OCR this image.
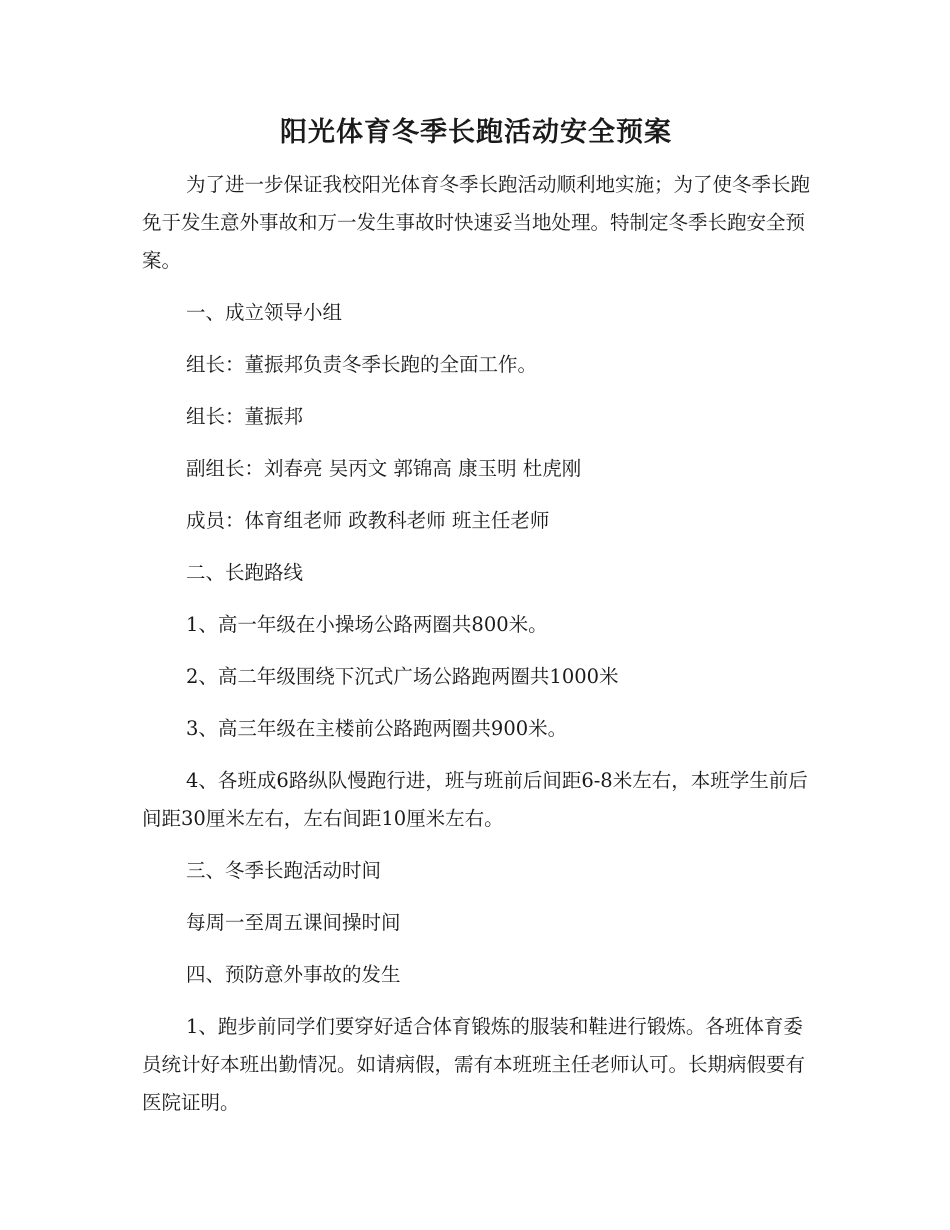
阳光体育冬季长跑活动安全预案

为了进一步保证我校阳光体育冬季长跑活动顺利地实施；为了使冬季长跑免于发生意外事故和万一发生事故时快速妥当地处理。特制定冬季长跑安全预案。

一、成立领导小组

组长：董振邦负责冬季长跑的全面工作。

组长：董振邦

副组长：刘春亮 吴丙文 郭锦高 康玉明 杜虎刚

成员：体育组老师 政教科老师 班主任老师

二、长跑路线

1、高一年级在小操场公路两圈共800米。

2、高二年级围绕下沉式广场公路跑两圈共1000米

3、高三年级在主楼前公路跑两圈共900米。

4、各班成6路纵队慢跑行进，班与班前后间距6-8米左右，本班学生前后间距30厘米左右，左右间距10厘米左右。

三、冬季长跑活动时间

每周一至周五课间操时间

四、预防意外事故的发生

1、跑步前同学们要穿好适合体育锻炼的服装和鞋进行锻炼。各班体育委员统计好本班出勤情况。如请病假，需有本班班主任老师认可。长期病假要有医院证明。
